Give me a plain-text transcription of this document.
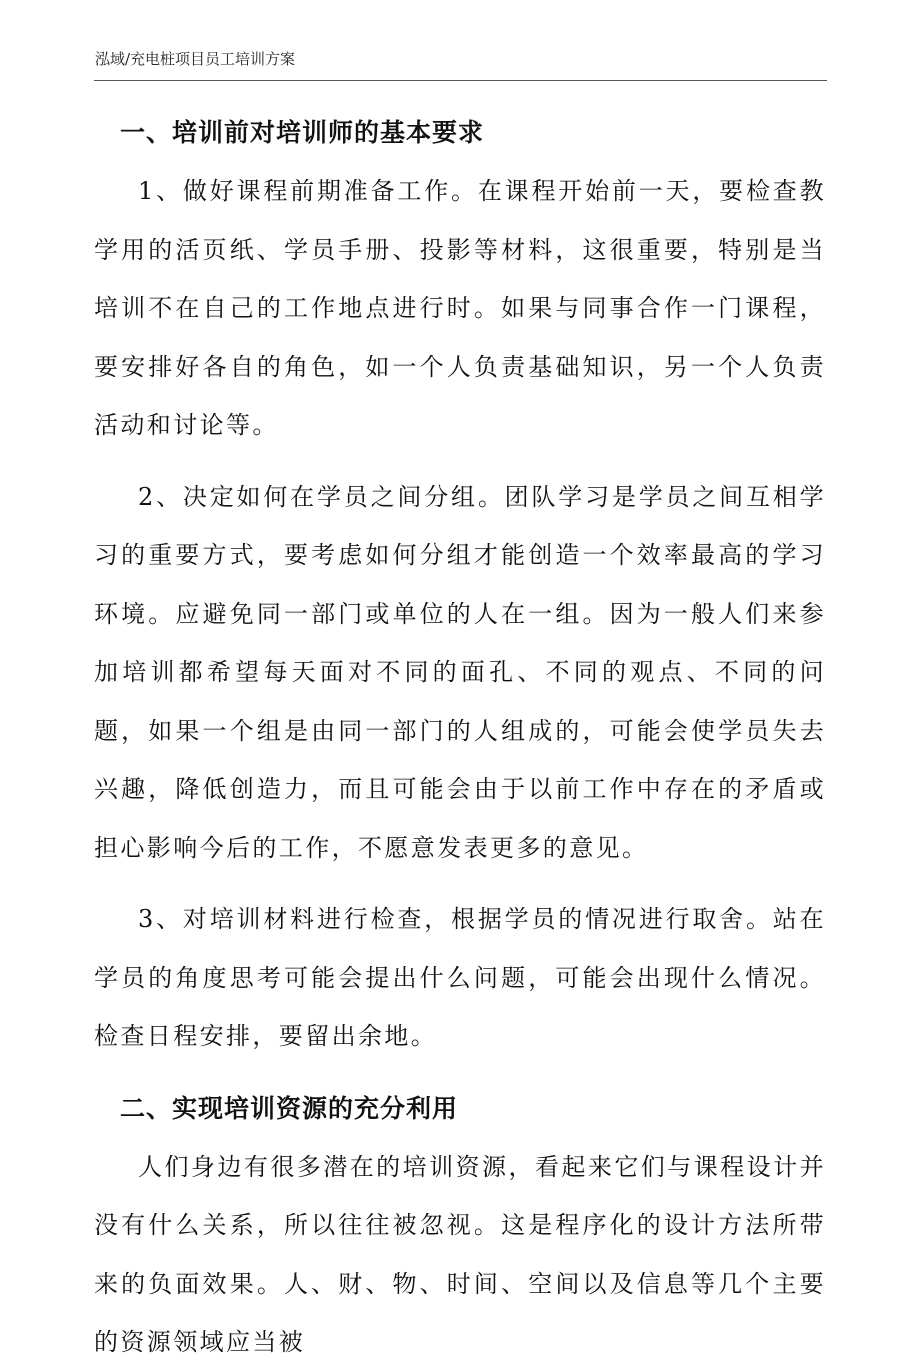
泓域/充电桩项目员工培训方案
一、培训前对培训师的基本要求

1、做好课程前期准备工作。在课程开始前一天，要检查教学用的活页纸、学员手册、投影等材料，这很重要，特别是当培训不在自己的工作地点进行时。如果与同事合作一门课程，要安排好各自的角色，如一个人负责基础知识，另一个人负责活动和讨论等。

2、决定如何在学员之间分组。团队学习是学员之间互相学习的重要方式，要考虑如何分组才能创造一个效率最高的学习环境。应避免同一部门或单位的人在一组。因为一般人们来参加培训都希望每天面对不同的面孔、不同的观点、不同的问题，如果一个组是由同一部门的人组成的，可能会使学员失去兴趣，降低创造力，而且可能会由于以前工作中存在的矛盾或担心影响今后的工作，不愿意发表更多的意见。

3、对培训材料进行检查，根据学员的情况进行取舍。站在学员的角度思考可能会提出什么问题，可能会出现什么情况。检查日程安排，要留出余地。

二、实现培训资源的充分利用

人们身边有很多潜在的培训资源，看起来它们与课程设计并没有什么关系，所以往往被忽视。这是程序化的设计方法所带来的负面效果。人、财、物、时间、空间以及信息等几个主要的资源领域应当被
